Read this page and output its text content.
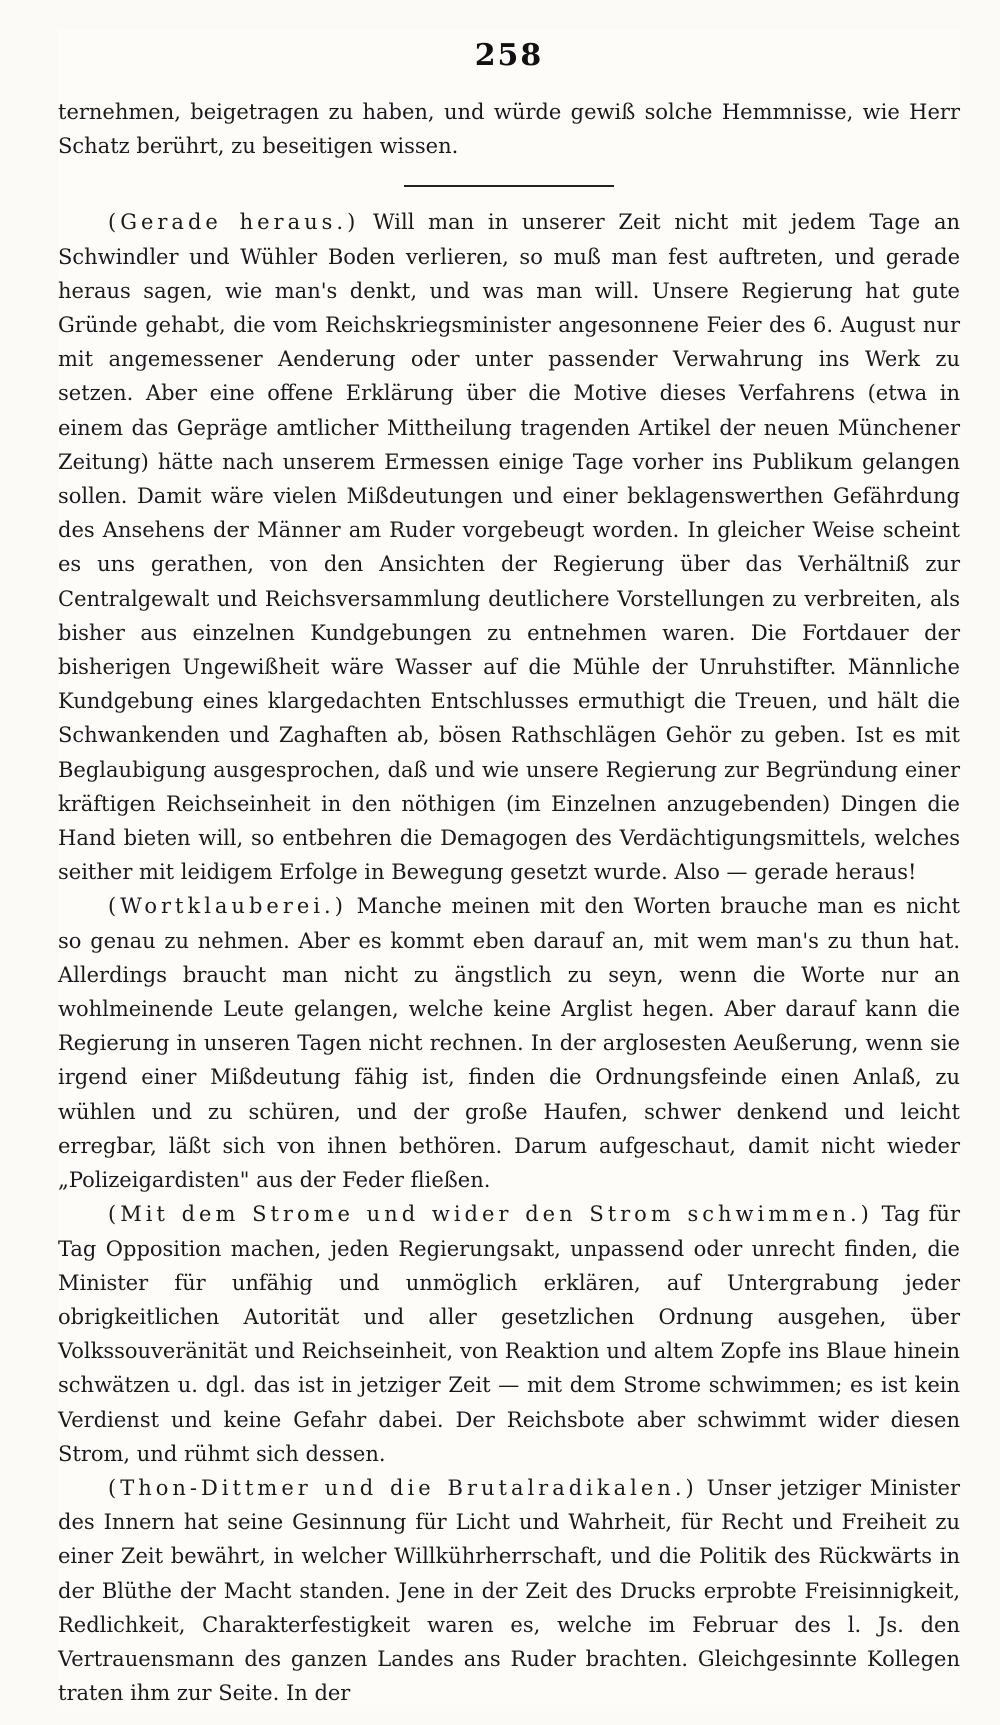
258

ternehmen, beigetragen zu haben, und würde gewiß solche Hemmnisse, wie Herr Schatz berührt, zu beseitigen wissen.

(Gerade heraus.) Will man in unserer Zeit nicht mit jedem Tage an Schwindler und Wühler Boden verlieren, so muß man fest auftreten, und gerade heraus sagen, wie man's denkt, und was man will. Unsere Regierung hat gute Gründe gehabt, die vom Reichskriegsminister angesonnene Feier des 6. August nur mit angemessener Aenderung oder unter passender Verwahrung ins Werk zu setzen. Aber eine offene Erklärung über die Motive dieses Verfahrens (etwa in einem das Gepräge amtlicher Mittheilung tragenden Artikel der neuen Münchener Zeitung) hätte nach unserem Ermessen einige Tage vorher ins Publikum gelangen sollen. Damit wäre vielen Mißdeutungen und einer beklagenswerthen Gefährdung des Ansehens der Männer am Ruder vorgebeugt worden. In gleicher Weise scheint es uns gerathen, von den Ansichten der Regierung über das Verhältniß zur Centralgewalt und Reichsversammlung deutlichere Vorstellungen zu verbreiten, als bisher aus einzelnen Kundgebungen zu entnehmen waren. Die Fortdauer der bisherigen Ungewißheit wäre Wasser auf die Mühle der Unruhstifter. Männliche Kundgebung eines klargedachten Entschlusses ermuthigt die Treuen, und hält die Schwankenden und Zaghaften ab, bösen Rathschlägen Gehör zu geben. Ist es mit Beglaubigung ausgesprochen, daß und wie unsere Regierung zur Begründung einer kräftigen Reichseinheit in den nöthigen (im Einzelnen anzugebenden) Dingen die Hand bieten will, so entbehren die Demagogen des Verdächtigungsmittels, welches seither mit leidigem Erfolge in Bewegung gesetzt wurde. Also — gerade heraus!

(Wortklauberei.) Manche meinen mit den Worten brauche man es nicht so genau zu nehmen. Aber es kommt eben darauf an, mit wem man's zu thun hat. Allerdings braucht man nicht zu ängstlich zu seyn, wenn die Worte nur an wohlmeinende Leute gelangen, welche keine Arglist hegen. Aber darauf kann die Regierung in unseren Tagen nicht rechnen. In der arglosesten Aeußerung, wenn sie irgend einer Mißdeutung fähig ist, finden die Ordnungsfeinde einen Anlaß, zu wühlen und zu schüren, und der große Haufen, schwer denkend und leicht erregbar, läßt sich von ihnen bethören. Darum aufgeschaut, damit nicht wieder „Polizeigardisten" aus der Feder fließen.

(Mit dem Strome und wider den Strom schwimmen.) Tag für Tag Opposition machen, jeden Regierungsakt, unpassend oder unrecht finden, die Minister für unfähig und unmöglich erklären, auf Untergrabung jeder obrigkeitlichen Autorität und aller gesetzlichen Ordnung ausgehen, über Volkssouveränität und Reichseinheit, von Reaktion und altem Zopfe ins Blaue hinein schwätzen u. dgl. das ist in jetziger Zeit — mit dem Strome schwimmen; es ist kein Verdienst und keine Gefahr dabei. Der Reichsbote aber schwimmt wider diesen Strom, und rühmt sich dessen.

(Thon-Dittmer und die Brutalradikalen.) Unser jetziger Minister des Innern hat seine Gesinnung für Licht und Wahrheit, für Recht und Freiheit zu einer Zeit bewährt, in welcher Willkührherrschaft, und die Politik des Rückwärts in der Blüthe der Macht standen. Jene in der Zeit des Drucks erprobte Freisinnigkeit, Redlichkeit, Charakterfestigkeit waren es, welche im Februar des l. Js. den Vertrauensmann des ganzen Landes ans Ruder brachten. Gleichgesinnte Kollegen traten ihm zur Seite. In der
